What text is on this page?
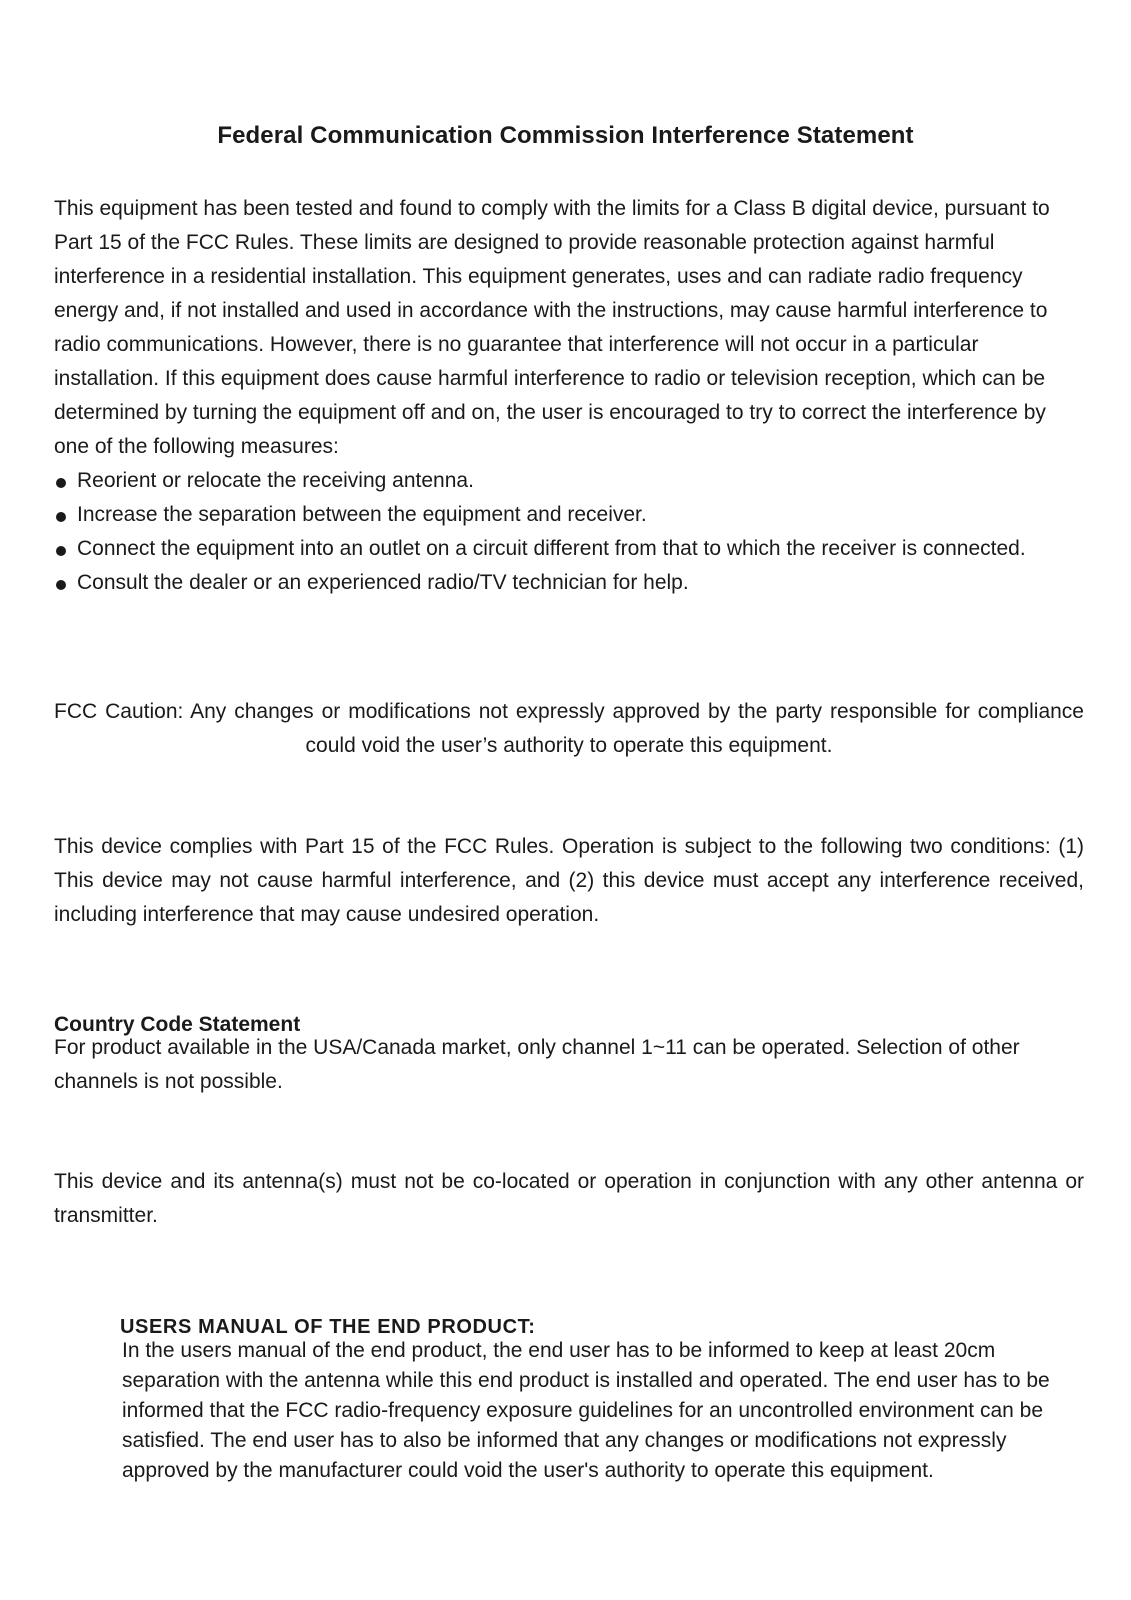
Federal Communication Commission Interference Statement
This equipment has been tested and found to comply with the limits for a Class B digital device, pursuant to Part 15 of the FCC Rules. These limits are designed to provide reasonable protection against harmful interference in a residential installation. This equipment generates, uses and can radiate radio frequency energy and, if not installed and used in accordance with the instructions, may cause harmful interference to radio communications. However, there is no guarantee that interference will not occur in a particular installation. If this equipment does cause harmful interference to radio or television reception, which can be determined by turning the equipment off and on, the user is encouraged to try to correct the interference by one of the following measures:
Reorient or relocate the receiving antenna.
Increase the separation between the equipment and receiver.
Connect the equipment into an outlet on a circuit different from that to which the receiver is connected.
Consult the dealer or an experienced radio/TV technician for help.
FCC Caution: Any changes or modifications not expressly approved by the party responsible for compliance could void the user’s authority to operate this equipment.
This device complies with Part 15 of the FCC Rules. Operation is subject to the following two conditions: (1) This device may not cause harmful interference, and (2) this device must accept any interference received, including interference that may cause undesired operation.
Country Code Statement
For product available in the USA/Canada market, only channel 1~11 can be operated. Selection of other channels is not possible.
This device and its antenna(s) must not be co-located or operation in conjunction with any other antenna or transmitter.
USERS MANUAL OF THE END PRODUCT:
In the users manual of the end product, the end user has to be informed to keep at least 20cm separation with the antenna while this end product is installed and operated. The end user has to be informed that the FCC radio-frequency exposure guidelines for an uncontrolled environment can be satisfied. The end user has to also be informed that any changes or modifications not expressly approved by the manufacturer could void the user's authority to operate this equipment.
